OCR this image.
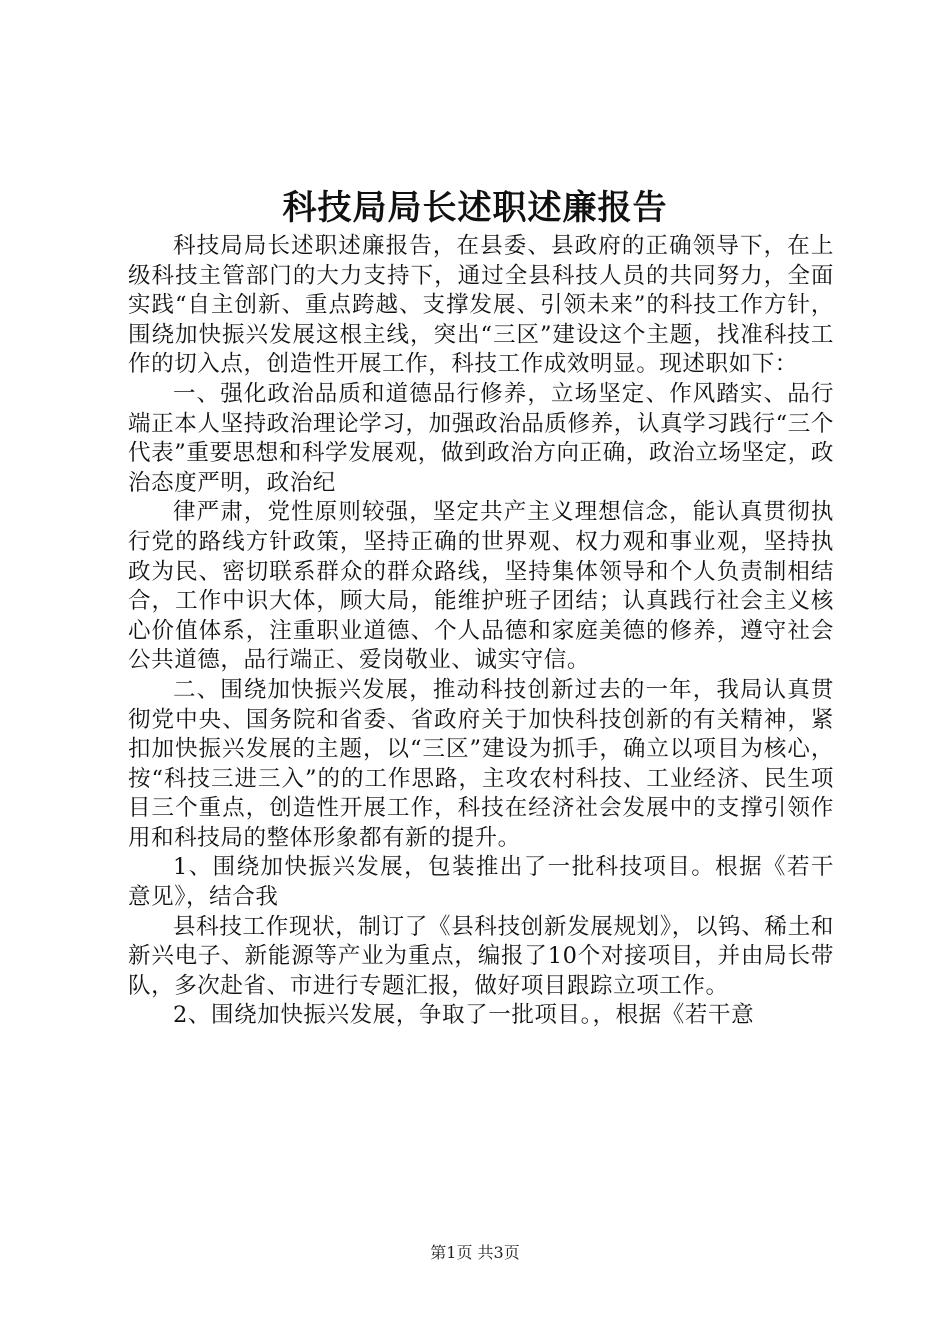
科技局局长述职述廉报告

科技局局长述职述廉报告，在县委、县政府的正确领导下，在上级科技主管部门的大力支持下，通过全县科技人员的共同努力，全面实践“自主创新、重点跨越、支撑发展、引领未来”的科技工作方针，围绕加快振兴发展这根主线，突出“三区”建设这个主题，找准科技工作的切入点，创造性开展工作，科技工作成效明显。现述职如下：

一、强化政治品质和道德品行修养，立场坚定、作风踏实、品行端正本人坚持政治理论学习，加强政治品质修养，认真学习践行“三个代表”重要思想和科学发展观，做到政治方向正确，政治立场坚定，政治态度严明，政治纪

律严肃，党性原则较强，坚定共产主义理想信念，能认真贯彻执行党的路线方针政策，坚持正确的世界观、权力观和事业观，坚持执政为民、密切联系群众的群众路线，坚持集体领导和个人负责制相结合，工作中识大体，顾大局，能维护班子团结；认真践行社会主义核心价值体系，注重职业道德、个人品德和家庭美德的修养，遵守社会公共道德，品行端正、爱岗敬业、诚实守信。

二、围绕加快振兴发展，推动科技创新过去的一年，我局认真贯彻党中央、国务院和省委、省政府关于加快科技创新的有关精神，紧扣加快振兴发展的主题，以“三区”建设为抓手，确立以项目为核心，按“科技三进三入”的的工作思路，主攻农村科技、工业经济、民生项目三个重点，创造性开展工作，科技在经济社会发展中的支撑引领作用和科技局的整体形象都有新的提升。

1、围绕加快振兴发展，包装推出了一批科技项目。根据《若干意见》，结合我

县科技工作现状，制订了《县科技创新发展规划》，以钨、稀土和新兴电子、新能源等产业为重点，编报了10个对接项目，并由局长带队，多次赴省、市进行专题汇报，做好项目跟踪立项工作。

2、围绕加快振兴发展，争取了一批项目。，根据《若干意

第1页 共3页
